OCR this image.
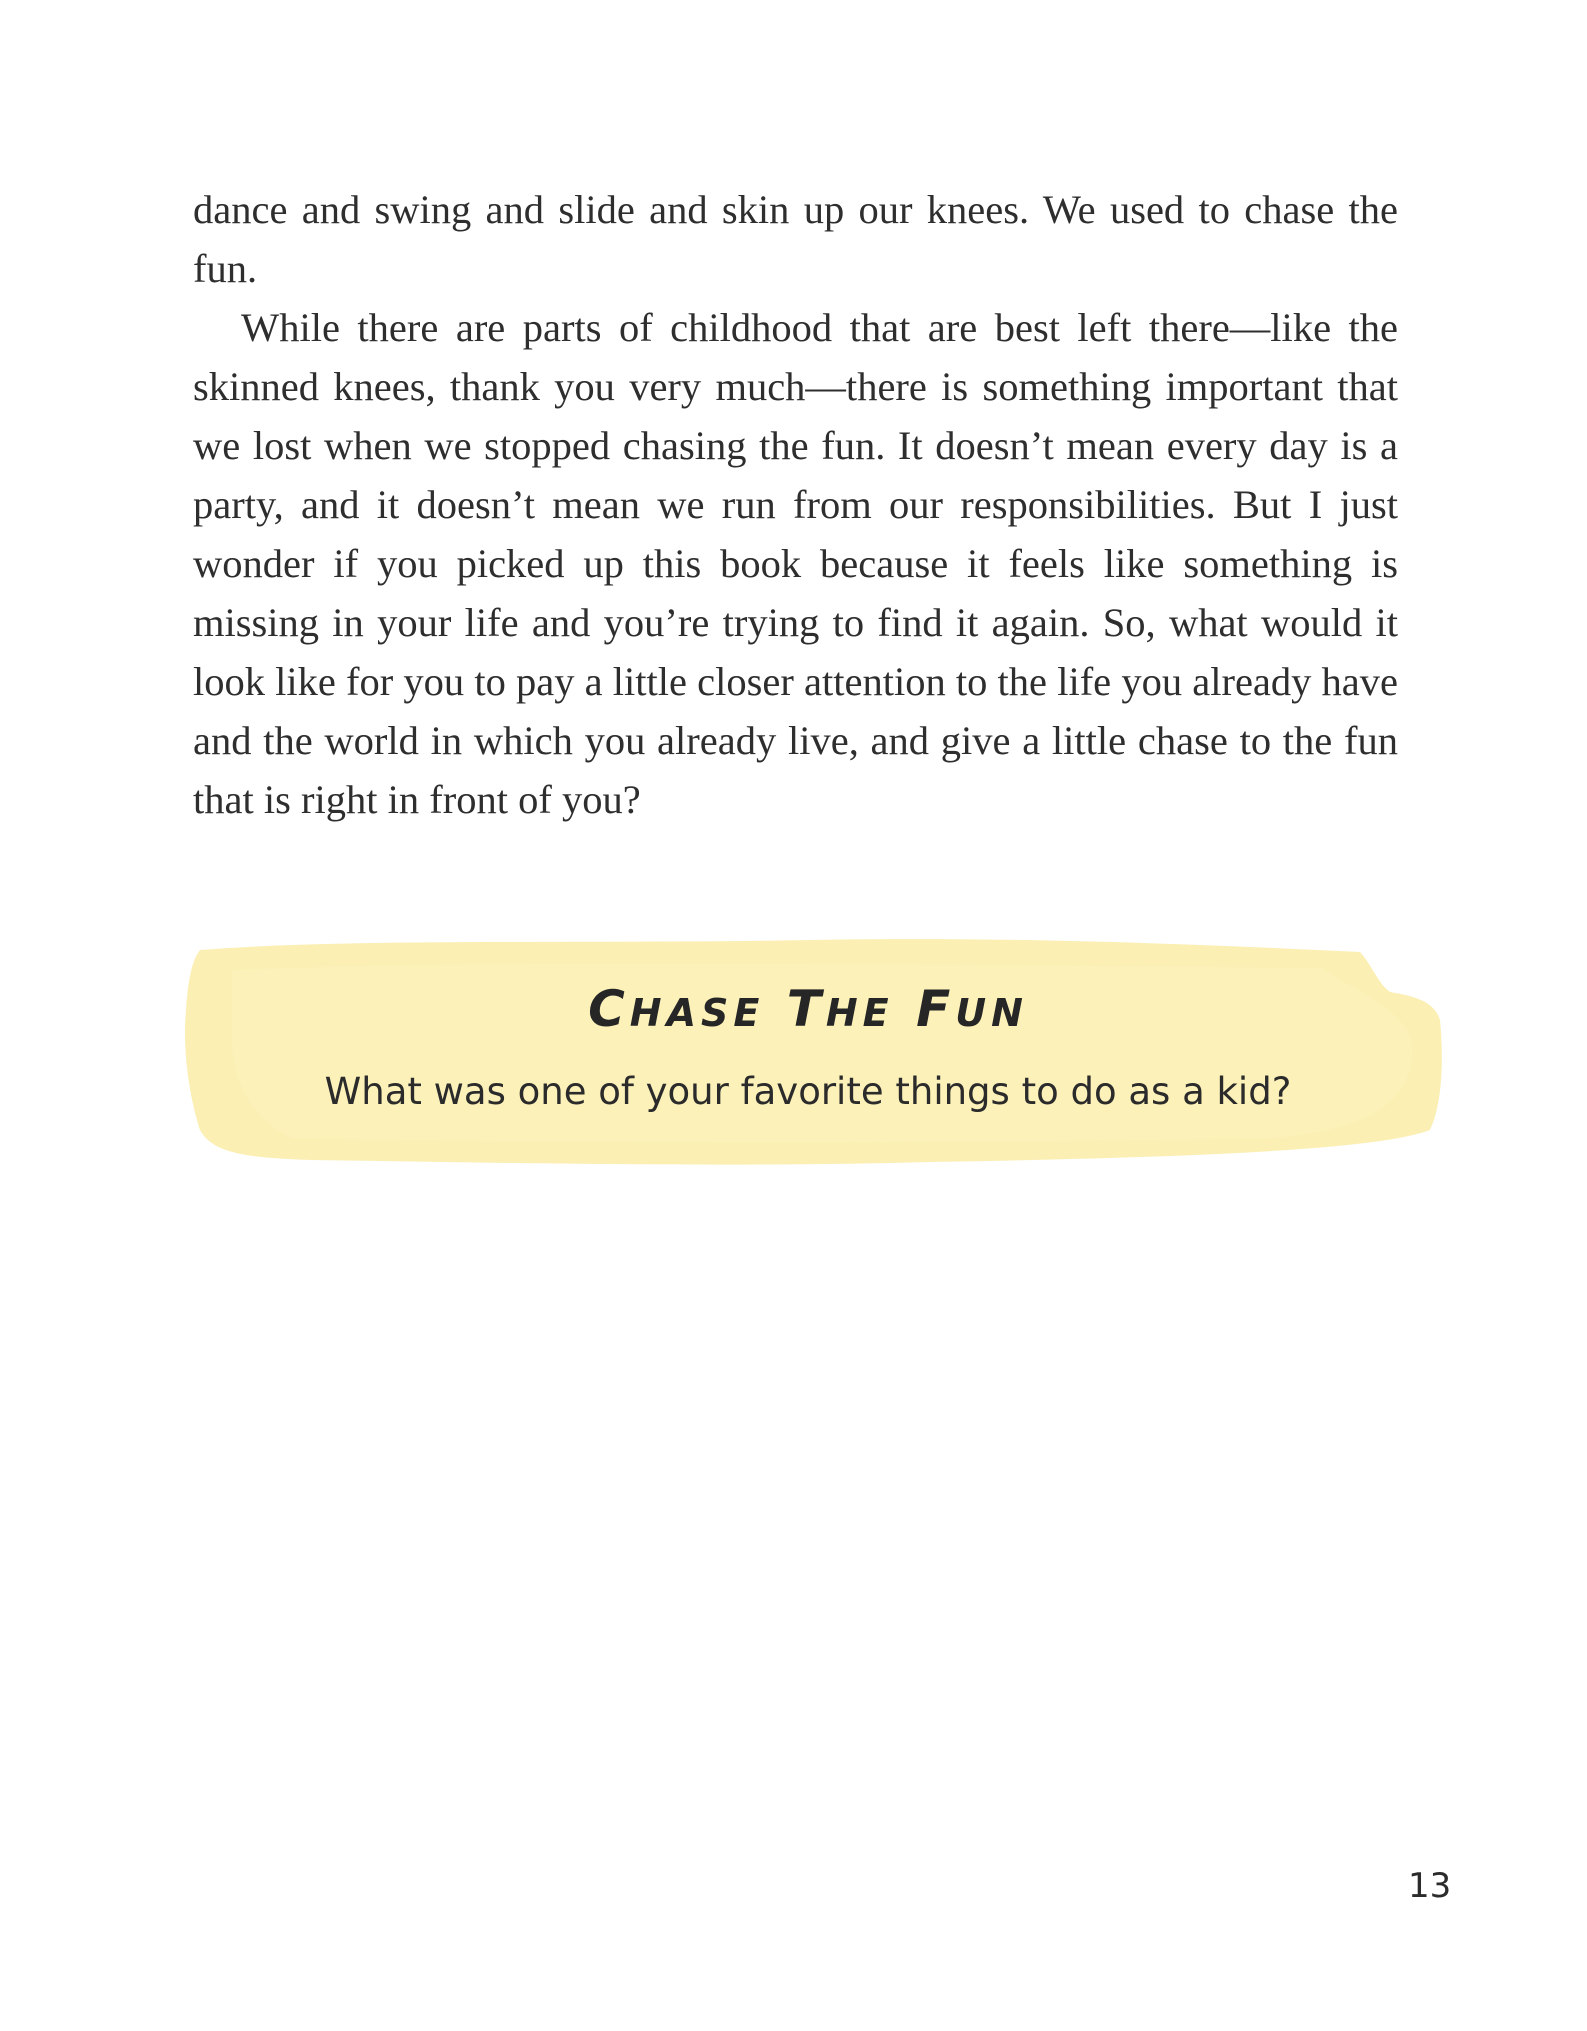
dance and swing and slide and skin up our knees. We used to chase the fun.

While there are parts of childhood that are best left there—like the skinned knees, thank you very much—there is something important that we lost when we stopped chasing the fun. It doesn’t mean every day is a party, and it doesn’t mean we run from our responsibilities. But I just wonder if you picked up this book because it feels like something is missing in your life and you’re trying to find it again. So, what would it look like for you to pay a little closer attention to the life you already have and the world in which you already live, and give a little chase to the fun that is right in front of you?

CHASE THE FUN
What was one of your favorite things to do as a kid?
13
